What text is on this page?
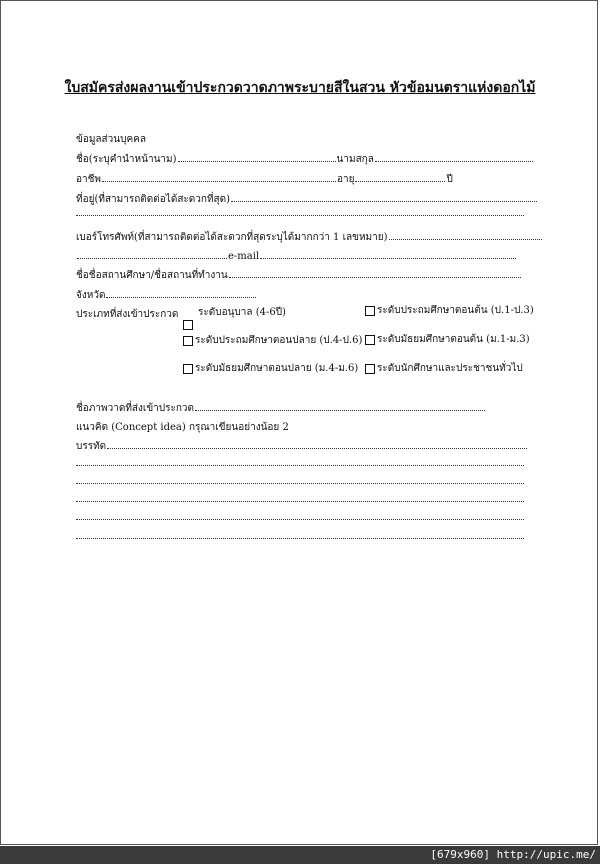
ใบสมัครส่งผลงานเข้าประกวดวาดภาพระบายสีในสวน หัวข้อมนตราแห่งดอกไม้
ข้อมูลส่วนบุคคล
ชื่อ(ระบุคำนำหน้านาม)	นามสกุล
อาชีพ	อายุ	ปี
ที่อยู่(ที่สามารถติดต่อได้สะดวกที่สุด)
เบอร์โทรศัพท์(ที่สามารถติดต่อได้สะดวกที่สุดระบุได้มากกว่า 1 เลขหมาย)
e-mail
ชื่อชื่อสถานศึกษา/ชื่อสถานที่ทำงาน
จังหวัด
ประเภทที่ส่งเข้าประกวด ระดับอนุบาล (4-6ปี)	ระดับประถมศึกษาตอนต้น (ป.1-ป.3)
ระดับประถมศึกษาตอนปลาย (ป.4-ป.6) ระดับมัธยมศึกษาตอนต้น (ม.1-ม.3)
ระดับมัธยมศึกษาตอนปลาย (ม.4-ม.6) ระดับนักศึกษาและประชาชนทั่วไป
ชื่อภาพวาดที่ส่งเข้าประกวด
แนวคิด (Concept idea) กรุณาเขียนอย่างน้อย 2
บรรทัด
[679x960] http://upic.me/
